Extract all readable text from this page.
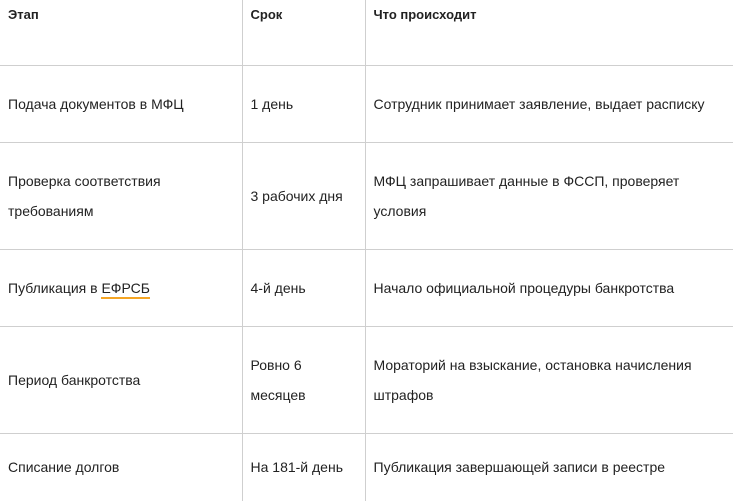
Этап	Срок	Что происходит
Подача документов в МФЦ	1 день	Сотрудник принимает заявление, выдает расписку
Проверка соответствия требованиям	3 рабочих дня	МФЦ запрашивает данные в ФССП, проверяет условия
Публикация в ЕФРСБ	4-й день	Начало официальной процедуры банкротства
Период банкротства	Ровно 6 месяцев	Мораторий на взыскание, остановка начисления штрафов
Списание долгов	На 181-й день	Публикация завершающей записи в реестре
